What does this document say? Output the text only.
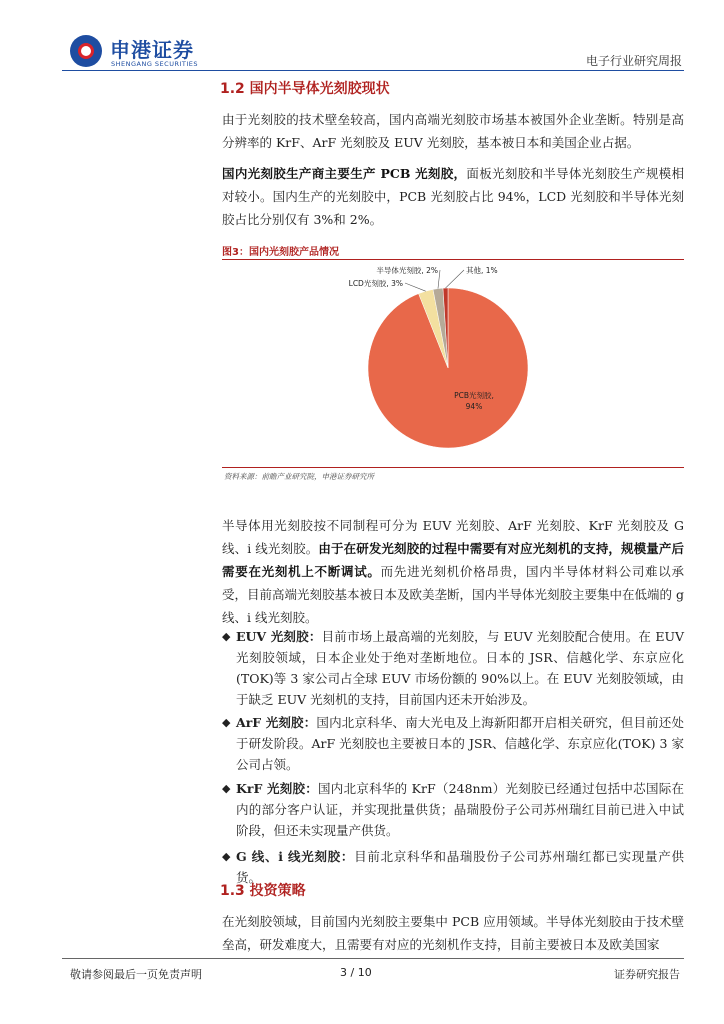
申港证券
SHENGANG SECURITIES	电子行业研究周报
1.2 国内半导体光刻胶现状
由于光刻胶的技术壁垒较高，国内高端光刻胶市场基本被国外企业垄断。特别是高分辨率的 KrF、ArF 光刻胶及 EUV 光刻胶，基本被日本和美国企业占据。
国内光刻胶生产商主要生产 PCB 光刻胶，面板光刻胶和半导体光刻胶生产规模相对较小。国内生产的光刻胶中，PCB 光刻胶占比 94%，LCD 光刻胶和半导体光刻胶占比分别仅有 3%和 2%。
图3：国内光刻胶产品情况
PCB光刻胶,
94%
LCD光刻胶, 3%
半导体光刻胶, 2%	其他, 1%
资料来源：前瞻产业研究院，申港证券研究所
半导体用光刻胶按不同制程可分为 EUV 光刻胶、ArF 光刻胶、KrF 光刻胶及 G 线、i 线光刻胶。由于在研发光刻胶的过程中需要有对应光刻机的支持，规模量产后需要在光刻机上不断调试。而先进光刻机价格昂贵，国内半导体材料公司难以承受，目前高端光刻胶基本被日本及欧美垄断，国内半导体光刻胶主要集中在低端的 g 线、i 线光刻胶。
◆ EUV 光刻胶：目前市场上最高端的光刻胶，与 EUV 光刻胶配合使用。在 EUV 光刻胶领域，日本企业处于绝对垄断地位。日本的 JSR、信越化学、东京应化(TOK)等 3 家公司占全球 EUV 市场份额的 90%以上。在 EUV 光刻胶领域，由于缺乏 EUV 光刻机的支持，目前国内还未开始涉及。
◆ ArF 光刻胶：国内北京科华、南大光电及上海新阳都开启相关研究，但目前还处于研发阶段。ArF 光刻胶也主要被日本的 JSR、信越化学、东京应化(TOK) 3 家公司占领。
◆ KrF 光刻胶：国内北京科华的 KrF（248nm）光刻胶已经通过包括中芯国际在内的部分客户认证，并实现批量供货；晶瑞股份子公司苏州瑞红目前已进入中试阶段，但还未实现量产供货。
◆ G 线、i 线光刻胶：目前北京科华和晶瑞股份子公司苏州瑞红都已实现量产供货。
1.3 投资策略
在光刻胶领域，目前国内光刻胶主要集中 PCB 应用领域。半导体光刻胶由于技术壁垒高，研发难度大，且需要有对应的光刻机作支持，目前主要被日本及欧美国家
敬请参阅最后一页免责声明	3 / 10	证券研究报告
